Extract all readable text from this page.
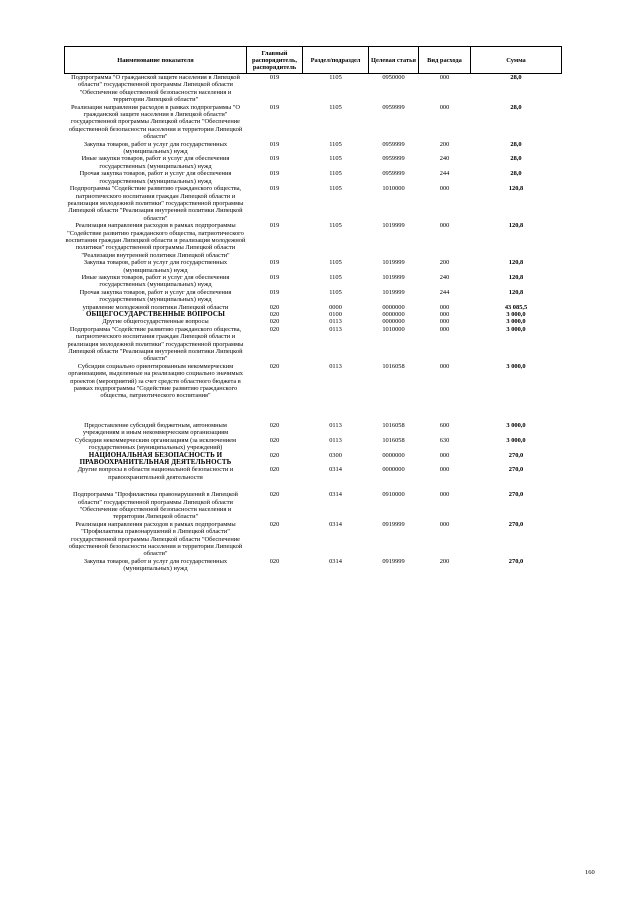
Наименование показателя	Главный распорядитель, распорядитель	Раздел/подраздел	Целевая статья	Вид расхода	Сумма
Подпрограмма "О гражданской защите населения в Липецкой области" государственной программы Липецкой области "Обеспечение общественной безопасности населения и территории Липецкой области"	019	1105	0950000	000	28,0
Реализация направления расходов в рамках подпрограммы "О гражданской защите населения в Липецкой области" государственной программы Липецкой области "Обеспечение общественной безопасности населения и территории Липецкой области"	019	1105	0959999	000	28,0
Закупка товаров, работ и услуг для государственных (муниципальных) нужд	019	1105	0959999	200	28,0
Иные закупки товаров, работ и услуг для обеспечения государственных (муниципальных) нужд	019	1105	0959999	240	28,0
Прочая закупка товаров, работ и услуг для обеспечения государственных (муниципальных) нужд	019	1105	0959999	244	28,0
Подпрограмма "Содействие развитию гражданского общества, патриотического воспитания граждан Липецкой области и реализация молодежной политики" государственной программы Липецкой области "Реализация внутренней политики Липецкой области"	019	1105	1010000	000	120,8
Реализация направления расходов в рамках подпрограммы "Содействие развитию гражданского общества, патриотического воспитания граждан Липецкой области и реализация молодежной политики" государственной программы Липецкой области "Реализация внутренней политики Липецкой области"	019	1105	1019999	000	120,8
Закупка товаров, работ и услуг для государственных (муниципальных) нужд	019	1105	1019999	200	120,8
Иные закупки товаров, работ и услуг для обеспечения государственных (муниципальных) нужд	019	1105	1019999	240	120,8
Прочая закупка товаров, работ и услуг для обеспечения государственных (муниципальных) нужд	019	1105	1019999	244	120,8
управление молодежной политики Липецкой области	020	0000	0000000	000	43 085,5
ОБЩЕГОСУДАРСТВЕННЫЕ ВОПРОСЫ	020	0100	0000000	000	3 000,0
Другие общегосударственные вопросы	020	0113	0000000	000	3 000,0
Подпрограмма "Содействие развитию гражданского общества, патриотического воспитания граждан Липецкой области и реализация молодежной политики" государственной программы Липецкой области "Реализация внутренней политики Липецкой области"	020	0113	1010000	000	3 000,0
Субсидии социально ориентированным некоммерческим организациям, выделенные на реализацию социально значимых проектов (мероприятий) за счет средств областного бюджета в рамках подпрограммы "Содействие развитию гражданского общества, патриотического воспитания"	020	0113	1016058	000	3 000,0
Предоставление субсидий бюджетным, автономным учреждениям и иным некоммерческим организациям	020	0113	1016058	600	3 000,0
Субсидии некоммерческим организациям (за исключением государственных (муниципальных) учреждений)	020	0113	1016058	630	3 000,0
НАЦИОНАЛЬНАЯ БЕЗОПАСНОСТЬ И ПРАВООХРАНИТЕЛЬНАЯ ДЕЯТЕЛЬНОСТЬ	020	0300	0000000	000	270,0
Другие вопросы в области национальной безопасности и правоохранительной деятельности	020	0314	0000000	000	270,0
Подпрограмма "Профилактика правонарушений в Липецкой области" государственной программы Липецкой области "Обеспечение общественной безопасности населения и территории Липецкой области"	020	0314	0910000	000	270,0
Реализация направления расходов в рамках подпрограммы "Профилактика правонарушений в Липецкой области" государственной программы Липецкой области "Обеспечение общественной безопасности населения и территории Липецкой области"	020	0314	0919999	000	270,0
Закупка товаров, работ и услуг для государственных (муниципальных) нужд	020	0314	0919999	200	270,0
160
